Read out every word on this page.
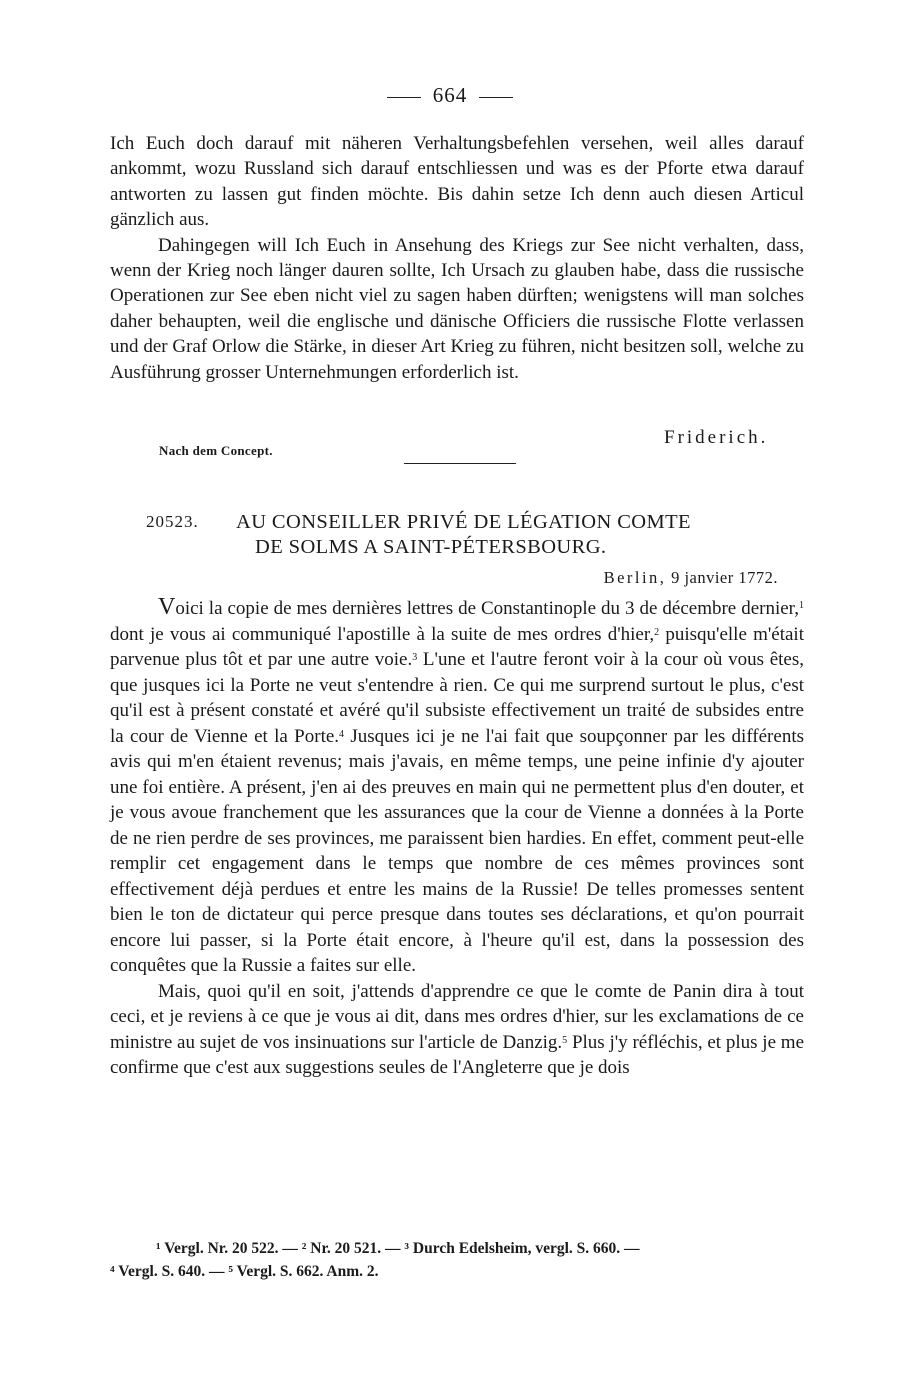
664

Ich Euch doch darauf mit näheren Verhaltungsbefehlen versehen, weil alles darauf ankommt, wozu Russland sich darauf entschliessen und was es der Pforte etwa darauf antworten zu lassen gut finden möchte. Bis dahin setze Ich denn auch diesen Articul gänzlich aus.

Dahingegen will Ich Euch in Ansehung des Kriegs zur See nicht verhalten, dass, wenn der Krieg noch länger dauren sollte, Ich Ursach zu glauben habe, dass die russische Operationen zur See eben nicht viel zu sagen haben dürften; wenigstens will man solches daher behaupten, weil die englische und dänische Officiers die russische Flotte verlassen und der Graf Orlow die Stärke, in dieser Art Krieg zu führen, nicht besitzen soll, welche zu Ausführung grosser Unternehmungen erforderlich ist.

Friderich.
Nach dem Concept.
20523. AU CONSEILLER PRIVÉ DE LÉGATION COMTE
DE SOLMS A SAINT-PÉTERSBOURG.
Berlin, 9 janvier 1772.

Voici la copie de mes dernières lettres de Constantinople du 3 de décembre dernier,$^1$ dont je vous ai communiqué l'apostille à la suite de mes ordres d'hier,$^2$ puisqu'elle m'était parvenue plus tôt et par une autre voie.$^3$ L'une et l'autre feront voir à la cour où vous êtes, que jusques ici la Porte ne veut s'entendre à rien. Ce qui me surprend surtout le plus, c'est qu'il est à présent constaté et avéré qu'il subsiste effectivement un traité de subsides entre la cour de Vienne et la Porte.$^4$ Jusques ici je ne l'ai fait que soupçonner par les différents avis qui m'en étaient revenus; mais j'avais, en même temps, une peine infinie d'y ajouter une foi entière. A présent, j'en ai des preuves en main qui ne permettent plus d'en douter, et je vous avoue franchement que les assurances que la cour de Vienne a données à la Porte de ne rien perdre de ses provinces, me paraissent bien hardies. En effet, comment peut-elle remplir cet engagement dans le temps que nombre de ces mêmes provinces sont effectivement déjà perdues et entre les mains de la Russie! De telles promesses sentent bien le ton de dictateur qui perce presque dans toutes ses déclarations, et qu'on pourrait encore lui passer, si la Porte était encore, à l'heure qu'il est, dans la possession des conquêtes que la Russie a faites sur elle.

Mais, quoi qu'il en soit, j'attends d'apprendre ce que le comte de Panin dira à tout ceci, et je reviens à ce que je vous ai dit, dans mes ordres d'hier, sur les exclamations de ce ministre au sujet de vos insinuations sur l'article de Danzig.$^5$ Plus j'y réfléchis, et plus je me confirme que c'est aux suggestions seules de l'Angleterre que je dois

¹ Vergl. Nr. 20 522. — ² Nr. 20 521. — ³ Durch Edelsheim, vergl. S. 660. —

⁴ Vergl. S. 640. — ⁵ Vergl. S. 662. Anm. 2.
